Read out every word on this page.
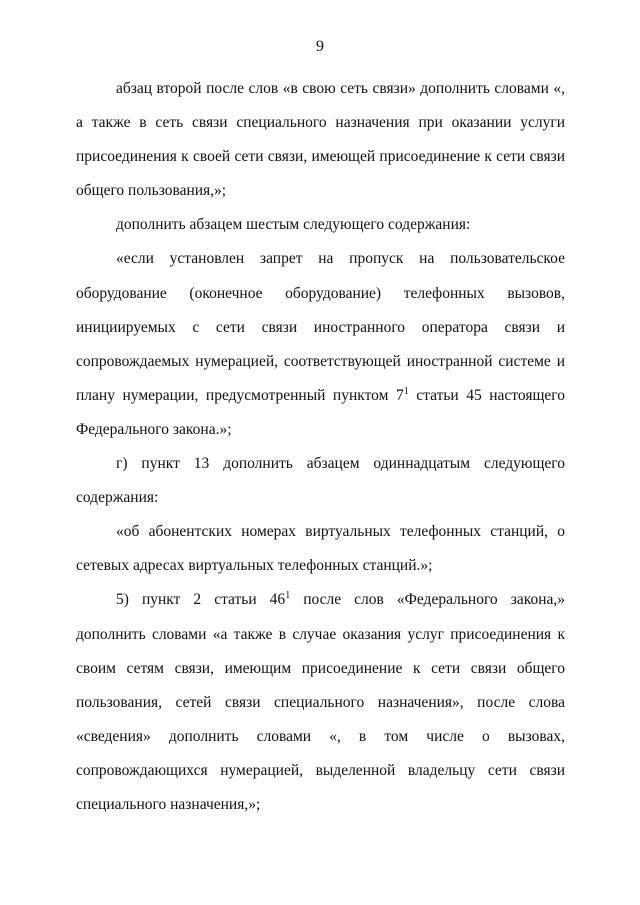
9

абзац второй после слов «в свою сеть связи» дополнить словами «, а также в сеть связи специального назначения при оказании услуги присоединения к своей сети связи, имеющей присоединение к сети связи общего пользования,»;

дополнить абзацем шестым следующего содержания:

«если установлен запрет на пропуск на пользовательское оборудование (оконечное оборудование) телефонных вызовов, инициируемых с сети связи иностранного оператора связи и сопровождаемых нумерацией, соответствующей иностранной системе и плану нумерации, предусмотренный пунктом $7^1$ статьи 45 настоящего Федерального закона.»;

г) пункт 13 дополнить абзацем одиннадцатым следующего содержания:

«об абонентских номерах виртуальных телефонных станций, о сетевых адресах виртуальных телефонных станций.»;

5) пункт 2 статьи $46^1$ после слов «Федерального закона,» дополнить словами «а также в случае оказания услуг присоединения к своим сетям связи, имеющим присоединение к сети связи общего пользования, сетей связи специального назначения», после слова «сведения» дополнить словами «, в том числе о вызовах, сопровождающихся нумерацией, выделенной владельцу сети связи специального назначения,»;
